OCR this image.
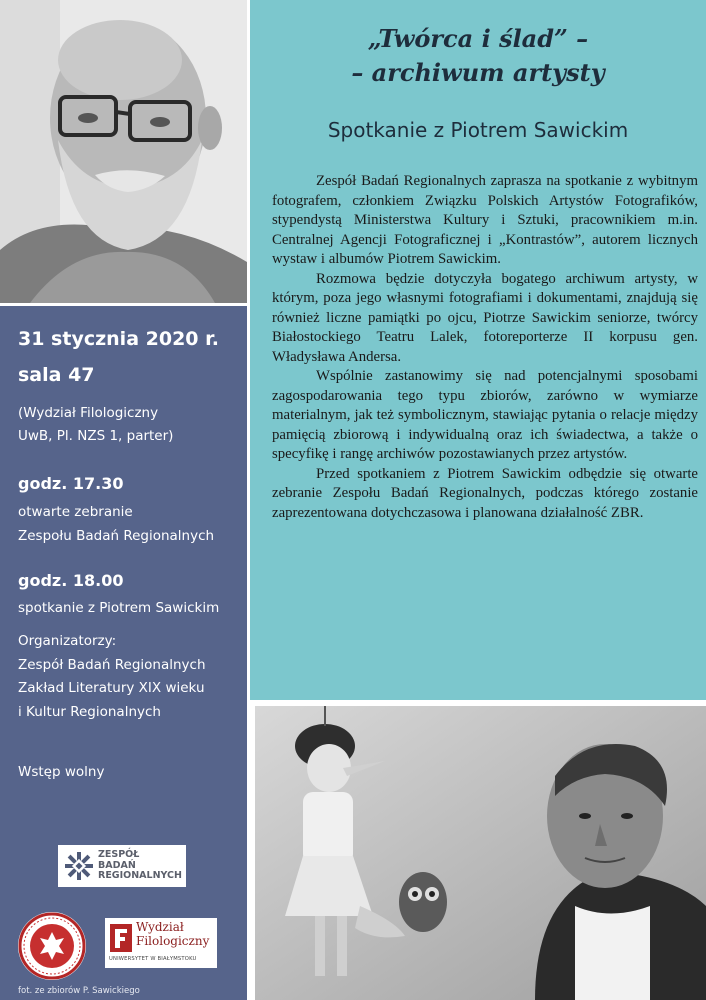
„Twórca i ślad” –
– archiwum artysty
Spotkanie z Piotrem Sawickim

Zespół Badań Regionalnych zaprasza na spotkanie z wybitnym fotografem, członkiem Związku Polskich Artystów Fotografików, stypendystą Ministerstwa Kultury i Sztuki, pracownikiem m.in. Centralnej Agencji Fotograficznej i „Kontrastów”, autorem licznych wystaw i albumów Piotrem Sawickim.

Rozmowa będzie dotyczyła bogatego archiwum artysty, w którym, poza jego własnymi fotografiami i dokumentami, znajdują się również liczne pamiątki po ojcu, Piotrze Sawickim seniorze, twórcy Białostockiego Teatru Lalek, fotoreporterze II korpusu gen. Władysława Andersa.

Wspólnie zastanowimy się nad potencjalnymi sposobami zagospodarowania tego typu zbiorów, zarówno w wymiarze materialnym, jak też symbolicznym, stawiając pytania o relacje między pamięcią zbiorową i indywidualną oraz ich świadectwa, a także o specyfikę i rangę archiwów pozostawianych przez artystów.

Przed spotkaniem z Piotrem Sawickim odbędzie się otwarte zebranie Zespołu Badań Regionalnych, podczas którego zostanie zaprezentowana dotychczasowa i planowana działalność ZBR.

31 stycznia 2020 r.
sala 47
(Wydział Filologiczny
UwB, Pl. NZS 1, parter)
godz. 17.30
otwarte zebranie
Zespołu Badań Regionalnych
godz. 18.00
spotkanie z Piotrem Sawickim
Organizatorzy:
Zespół Badań Regionalnych
Zakład Literatury XIX wieku
i Kultur Regionalnych
Wstęp wolny
ZESPÓŁ
BADAŃ
REGIONALNYCH
Wydział
Filologiczny
UNIWERSYTET W BIAŁYMSTOKU
fot. ze zbiorów P. Sawickiego
